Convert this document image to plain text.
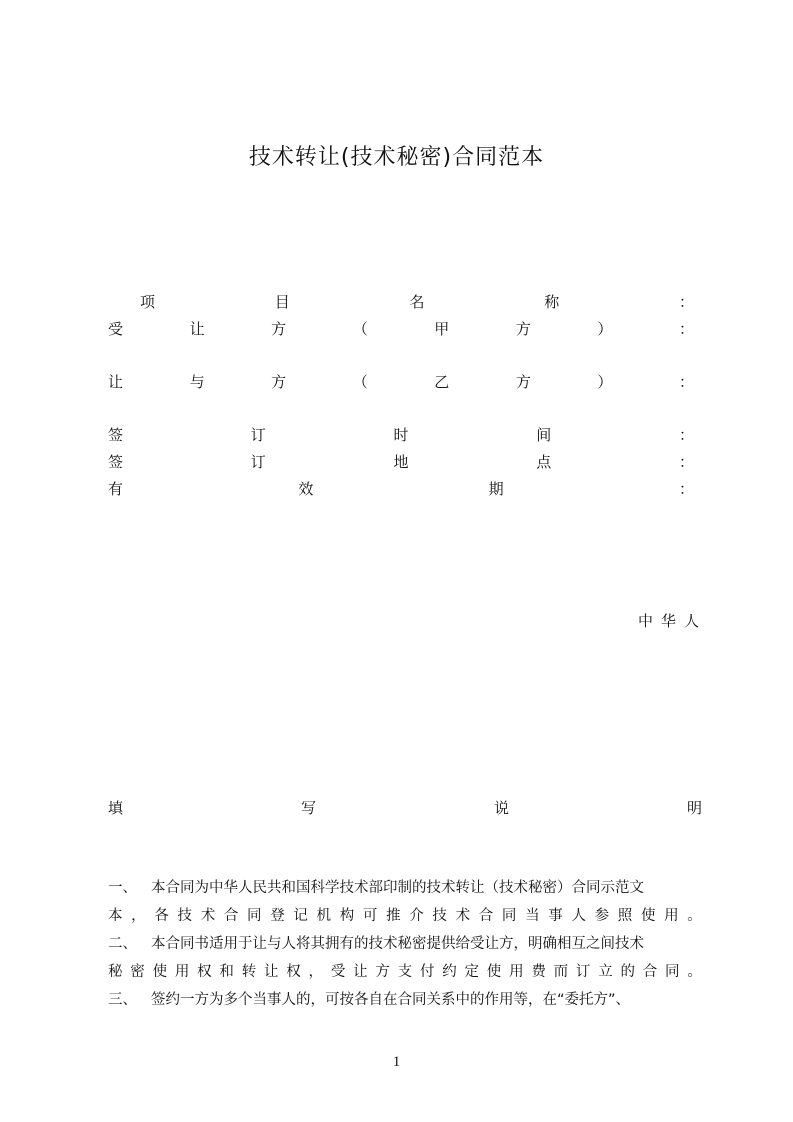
技术转让(技术秘密)合同范本
项	目	名	称	：
受	让	方	（	甲	方	）	：
让	与	方	（	乙	方	）	：
签	订	时	间	：
签	订	地	点	：
有	效	期	：
中华人
填	写	说	明
一、 本合同为中华人民共和国科学技术部印制的技术转让（技术秘密）合同示范文
本 ， 各 技 术 合 同 登 记 机 构 可 推 介 技 术 合 同 当 事 人 参 照 使 用 。
二、 本合同书适用于让与人将其拥有的技术秘密提供给受让方，明确相互之间技术
秘 密 使 用 权 和 转 让 权 ， 受 让 方 支 付 约 定 使 用 费 而 订 立 的 合 同 。
三、 签约一方为多个当事人的，可按各自在合同关系中的作用等，在“委托方”、
1
